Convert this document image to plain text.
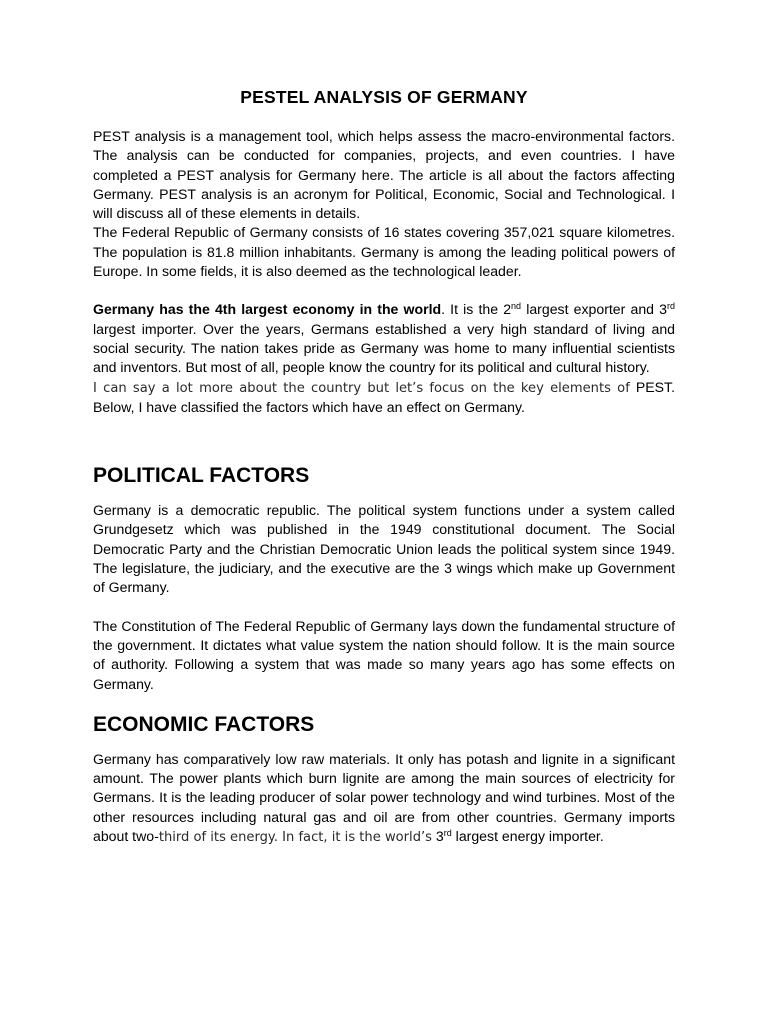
PESTEL ANALYSIS OF GERMANY

PEST analysis is a management tool, which helps assess the macro-environmental factors. The analysis can be conducted for companies, projects, and even countries. I have completed a PEST analysis for Germany here. The article is all about the factors affecting Germany. PEST analysis is an acronym for Political, Economic, Social and Technological. I will discuss all of these elements in details.

The Federal Republic of Germany consists of 16 states covering 357,021 square kilometres. The population is 81.8 million inhabitants. Germany is among the leading political powers of Europe. In some fields, it is also deemed as the technological leader.

Germany has the 4th largest economy in the world. It is the 2nd largest exporter and 3rd largest importer. Over the years, Germans established a very high standard of living and social security. The nation takes pride as Germany was home to many influential scientists and inventors. But most of all, people know the country for its political and cultural history.

I can say a lot more about the country but let’s focus on the key elements of PEST. Below, I have classified the factors which have an effect on Germany.

POLITICAL FACTORS

Germany is a democratic republic. The political system functions under a system called Grundgesetz which was published in the 1949 constitutional document. The Social Democratic Party and the Christian Democratic Union leads the political system since 1949. The legislature, the judiciary, and the executive are the 3 wings which make up Government of Germany.

The Constitution of The Federal Republic of Germany lays down the fundamental structure of the government. It dictates what value system the nation should follow. It is the main source of authority. Following a system that was made so many years ago has some effects on Germany.

ECONOMIC FACTORS

Germany has comparatively low raw materials. It only has potash and lignite in a significant amount. The power plants which burn lignite are among the main sources of electricity for Germans. It is the leading producer of solar power technology and wind turbines. Most of the other resources including natural gas and oil are from other countries. Germany imports about two-third of its energy. In fact, it is the world’s 3rd largest energy importer.
